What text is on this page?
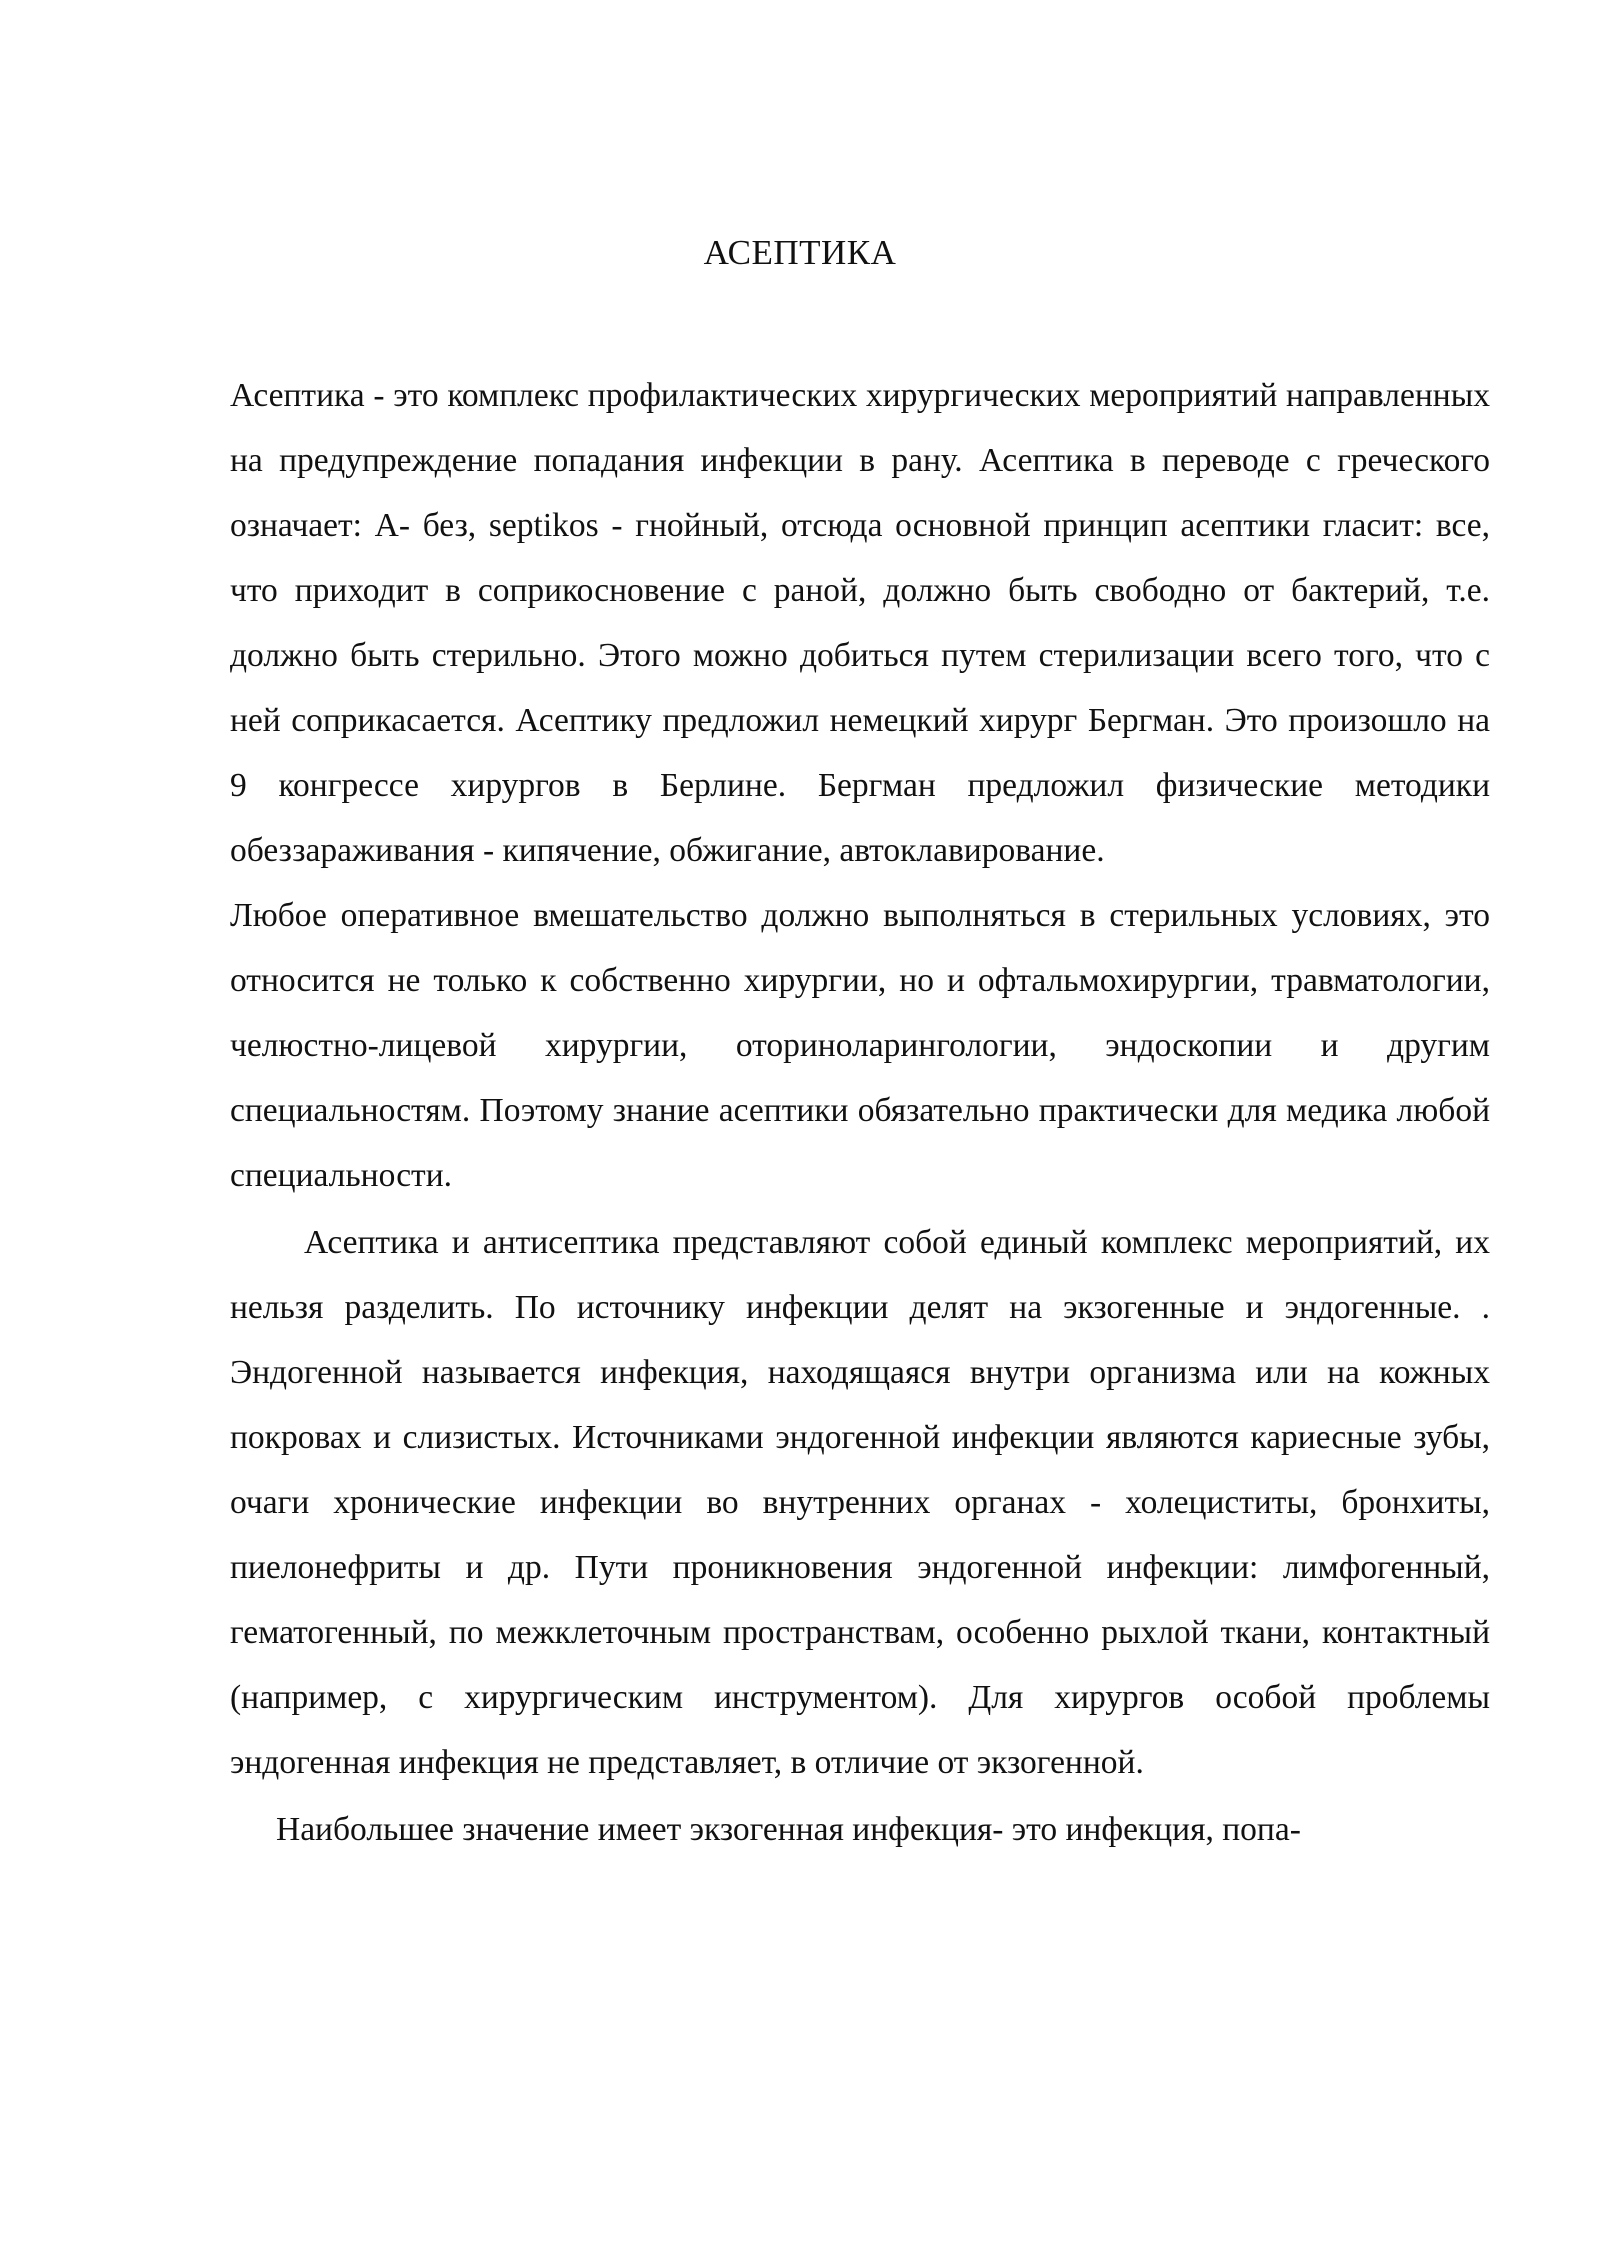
АСЕПТИКА

Асептика - это комплекс профилактических хирургических мероприятий направленных на предупреждение попадания инфекции в рану. Асептика в переводе с греческого означает: А- без, septikos - гнойный, отсюда основной принцип асептики гласит: все, что приходит в соприкосновение с раной, должно быть свободно от бактерий, т.е. должно быть стерильно. Этого можно добиться путем стерилизации всего того, что с ней соприкасается. Асептику предложил немецкий хирург Бергман. Это произошло на 9 конгрессе хирургов в Берлине. Бергман предложил физические методики обеззараживания - кипячение, обжигание, автоклавирование.

Любое оперативное вмешательство должно выполняться в стерильных условиях, это относится не только к собственно хирургии, но и офтальмохирургии, травматологии, челюстно-лицевой хирургии, оториноларингологии, эндоскопии и другим специальностям. Поэтому знание асептики обязательно практически для медика любой специальности.

Асептика и антисептика представляют собой единый комплекс мероприятий, их нельзя разделить. По источнику инфекции делят на экзогенные и эндогенные. . Эндогенной называется инфекция, находящаяся внутри организма или на кожных покровах и слизистых. Источниками эндогенной инфекции являются кариесные зубы, очаги хронические инфекции во внутренних органах - холециститы, бронхиты, пиелонефриты и др. Пути проникновения эндогенной инфекции: лимфогенный, гематогенный, по межклеточным пространствам, особенно рыхлой ткани, контактный (например, с хирургическим инструментом). Для хирургов особой проблемы эндогенная инфекция не представляет, в отличие от экзогенной.

Наибольшее значение имеет экзогенная инфекция- это инфекция, попа-
